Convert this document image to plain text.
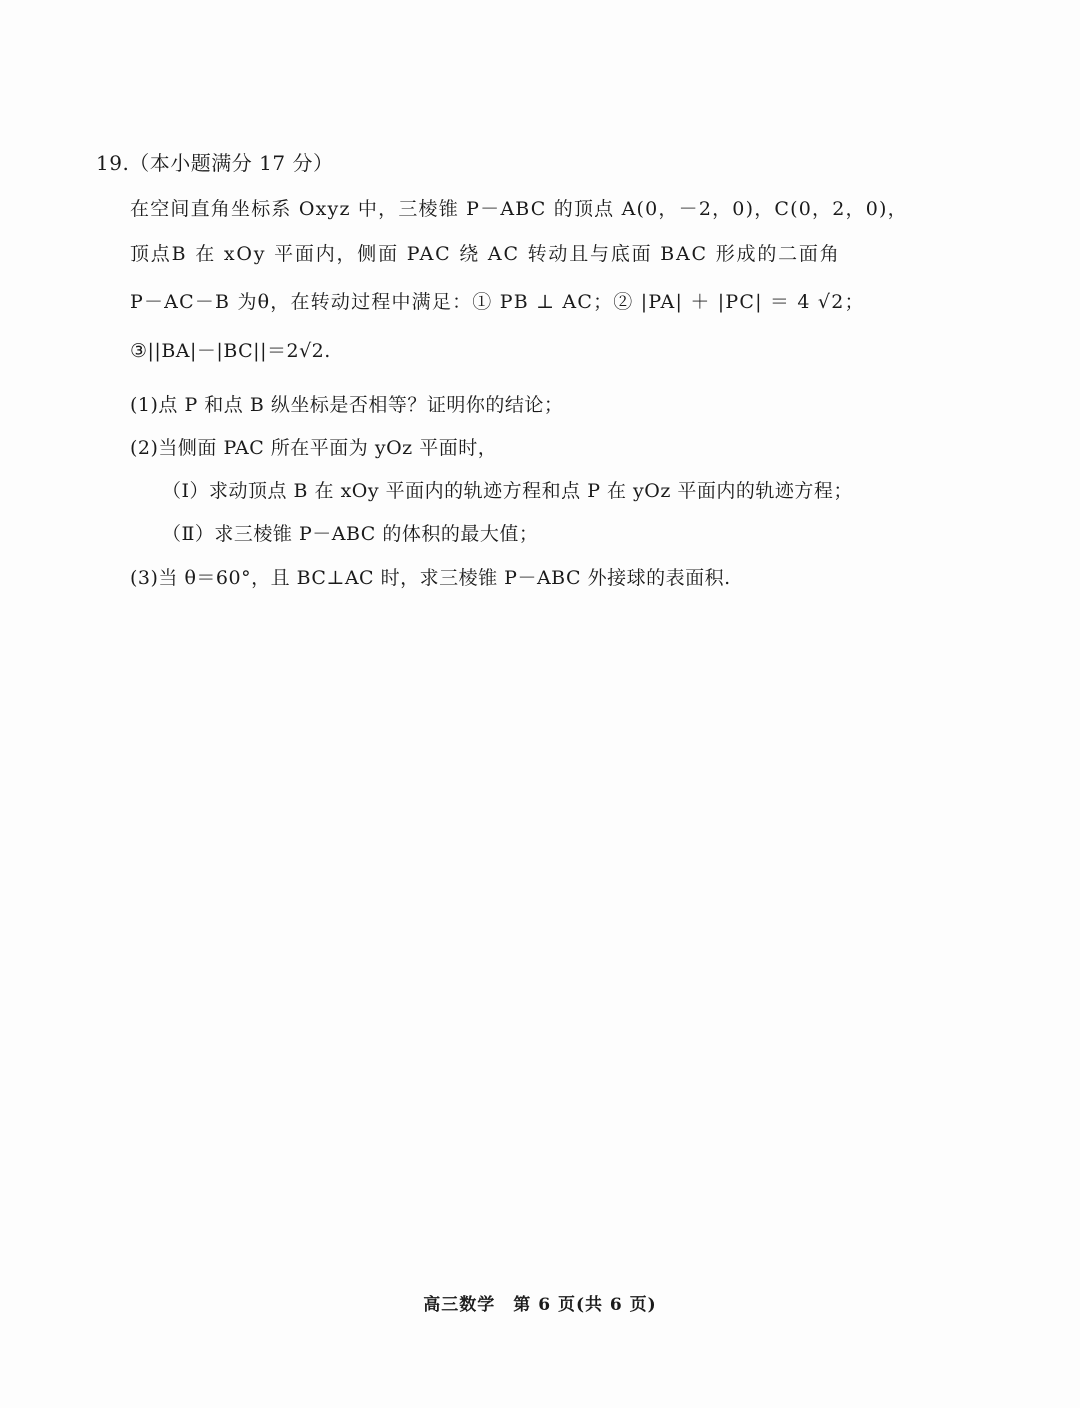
19.（本小题满分 17 分）
在空间直角坐标系 Oxyz 中，三棱锥 P－ABC 的顶点 A(0，－2，0)，C(0，2，0)，
顶点B 在 xOy 平面内，侧面 PAC 绕 AC 转动且与底面 BAC 形成的二面角
P－AC－B 为θ，在转动过程中满足：① PB ⊥ AC；② |PA| ＋ |PC| ＝ 4 √2；
③||BA|－|BC||＝2√2.
(1)点 P 和点 B 纵坐标是否相等？证明你的结论；
(2)当侧面 PAC 所在平面为 yOz 平面时，
（Ⅰ）求动顶点 B 在 xOy 平面内的轨迹方程和点 P 在 yOz 平面内的轨迹方程；
（Ⅱ）求三棱锥 P－ABC 的体积的最大值；
(3)当 θ＝60°，且 BC⊥AC 时，求三棱锥 P－ABC 外接球的表面积.
高三数学　第 6 页(共 6 页)
